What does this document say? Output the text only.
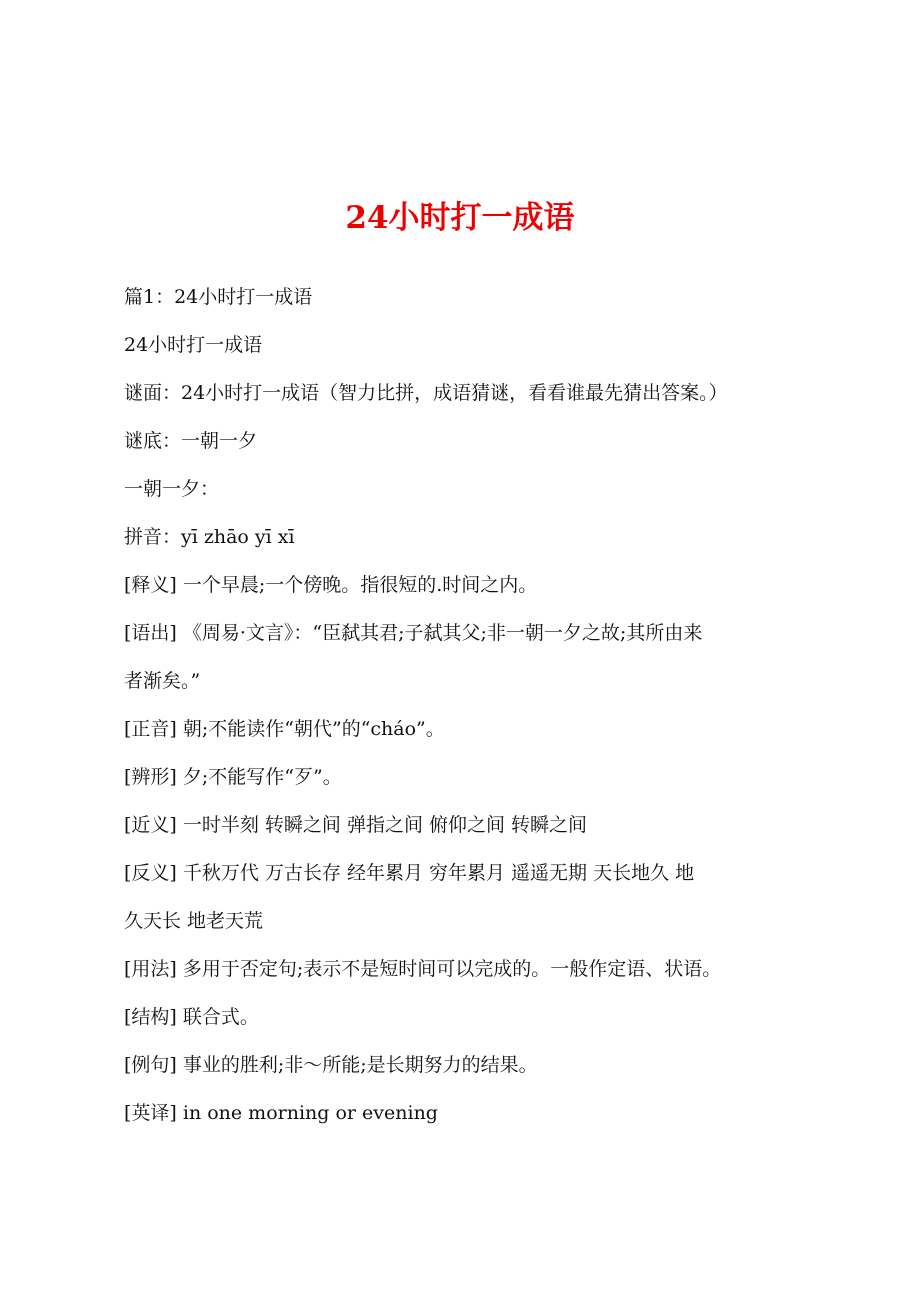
24小时打一成语

篇1：24小时打一成语

24小时打一成语

谜面：24小时打一成语（智力比拼，成语猜谜，看看谁最先猜出答案。）

谜底：一朝一夕

一朝一夕：

拼音：yī zhāo yī xī

[释义] 一个早晨;一个傍晚。指很短的.时间之内。

[语出] 《周易·文言》：“臣弑其君;子弑其父;非一朝一夕之故;其所由来

者渐矣。”

[正音] 朝;不能读作“朝代”的“cháo”。

[辨形] 夕;不能写作“歹”。

[近义] 一时半刻 转瞬之间 弹指之间 俯仰之间 转瞬之间

[反义] 千秋万代 万古长存 经年累月 穷年累月 遥遥无期 天长地久 地

久天长 地老天荒

[用法] 多用于否定句;表示不是短时间可以完成的。一般作定语、状语。

[结构] 联合式。

[例句] 事业的胜利;非～所能;是长期努力的结果。

[英译] in one morning or evening
